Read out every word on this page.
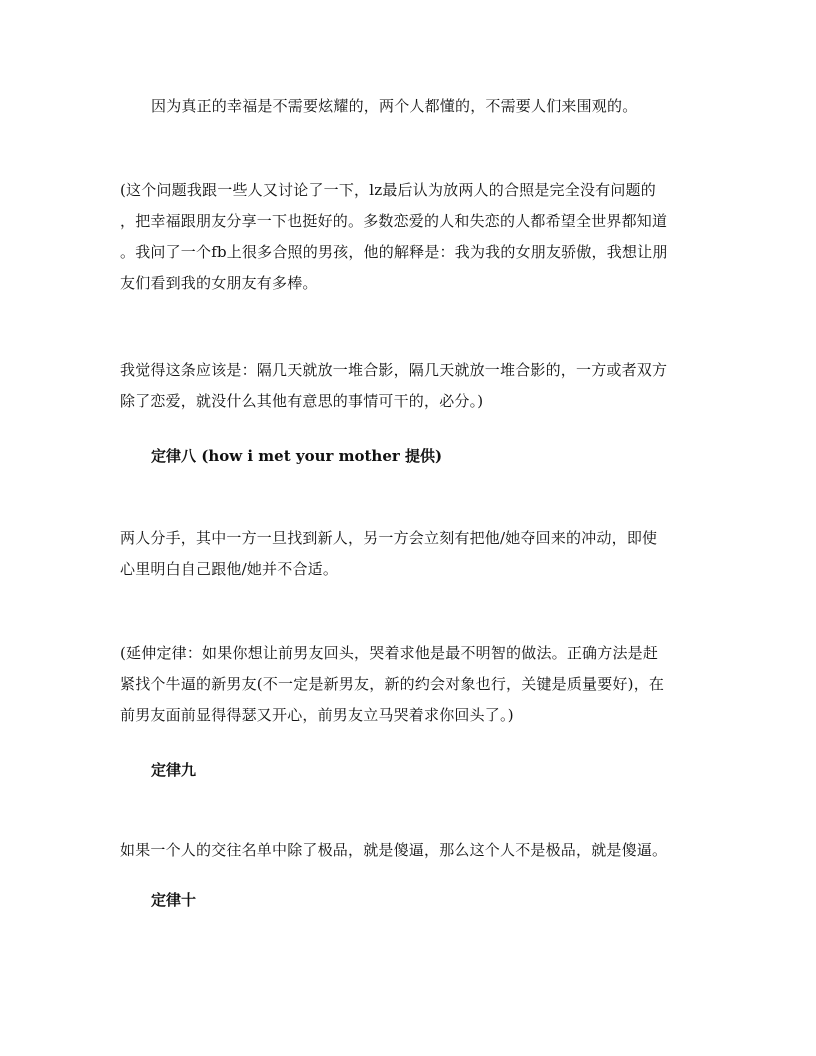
因为真正的幸福是不需要炫耀的，两个人都懂的，不需要人们来围观的。
(这个问题我跟一些人又讨论了一下，lz最后认为放两人的合照是完全没有问题的
，把幸福跟朋友分享一下也挺好的。多数恋爱的人和失恋的人都希望全世界都知道
。我问了一个fb上很多合照的男孩，他的解释是：我为我的女朋友骄傲，我想让朋
友们看到我的女朋友有多棒。
我觉得这条应该是：隔几天就放一堆合影，隔几天就放一堆合影的，一方或者双方
除了恋爱，就没什么其他有意思的事情可干的，必分。)
定律八 (how i met your mother 提供)
两人分手，其中一方一旦找到新人，另一方会立刻有把他/她夺回来的冲动，即使
心里明白自己跟他/她并不合适。
(延伸定律：如果你想让前男友回头，哭着求他是最不明智的做法。正确方法是赶
紧找个牛逼的新男友(不一定是新男友，新的约会对象也行，关键是质量要好)，在
前男友面前显得得瑟又开心，前男友立马哭着求你回头了。)
定律九
如果一个人的交往名单中除了极品，就是傻逼，那么这个人不是极品，就是傻逼。
定律十
